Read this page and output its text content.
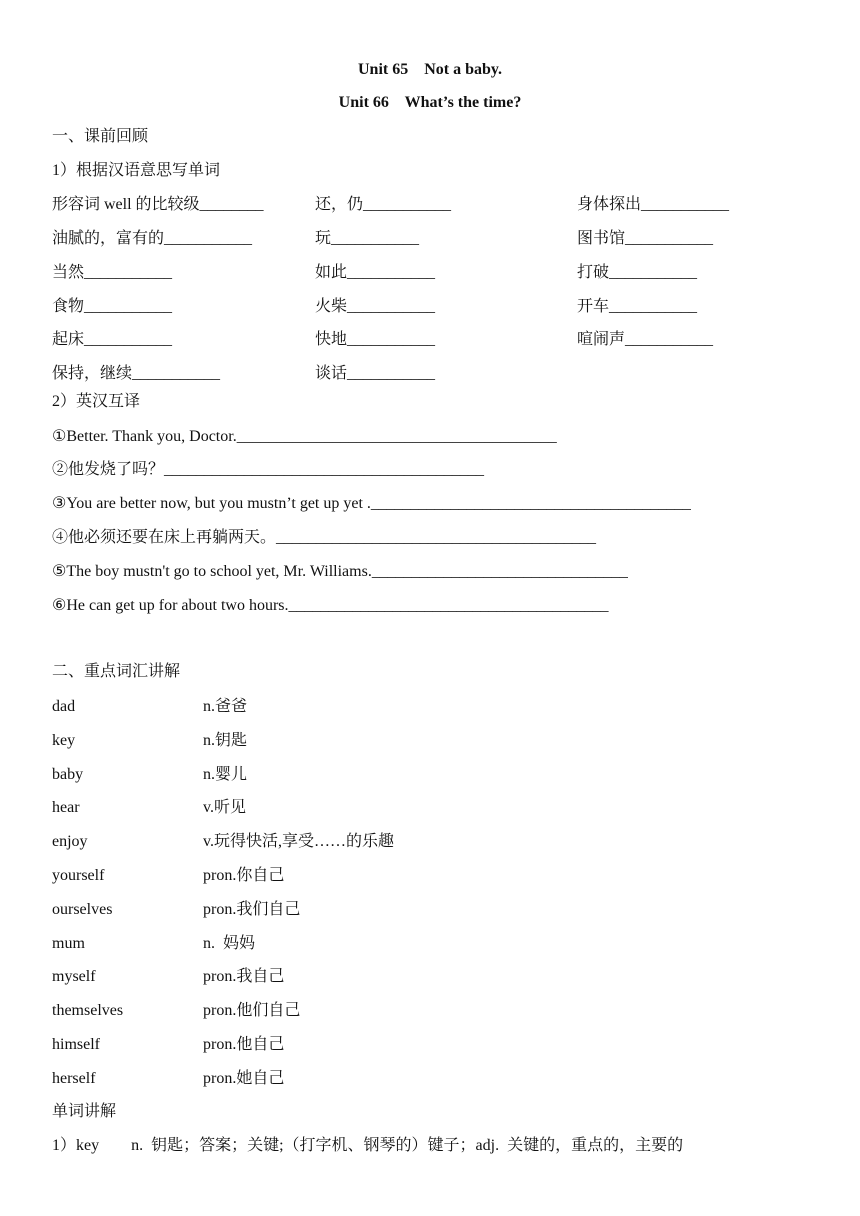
Unit 65    Not a baby.
Unit 66    What’s the time?
一、课前回顾
1）根据汉语意思写单词
形容词 well 的比较级________	还，仍___________	身体探出___________
油腻的，富有的___________	玩___________	图书馆___________
当然___________	如此___________	打破___________
食物___________	火柴___________	开车___________
起床___________	快地___________	喧闹声___________
保持，继续___________	谈话___________
2）英汉互译
①Better. Thank you, Doctor.________________________________________
②他发烧了吗？________________________________________
③You are better now, but you mustn’t get up yet .________________________________________
④他必须还要在床上再躺两天。________________________________________
⑤The boy mustn't go to school yet, Mr. Williams.________________________________
⑥He can get up for about two hours.________________________________________
二、重点词汇讲解
dad	n.爸爸
key	n.钥匙
baby	n.婴儿
hear	v.听见
enjoy	v.玩得快活,享受……的乐趣
yourself	pron.你自己
ourselves	pron.我们自己
mum	n.  妈妈
myself	pron.我自己
themselves	pron.他们自己
himself	pron.他自己
herself	pron.她自己
单词讲解
1）key        n.  钥匙；答案；关键;（打字机、钢琴的）键子；adj.  关键的，重点的，主要的
